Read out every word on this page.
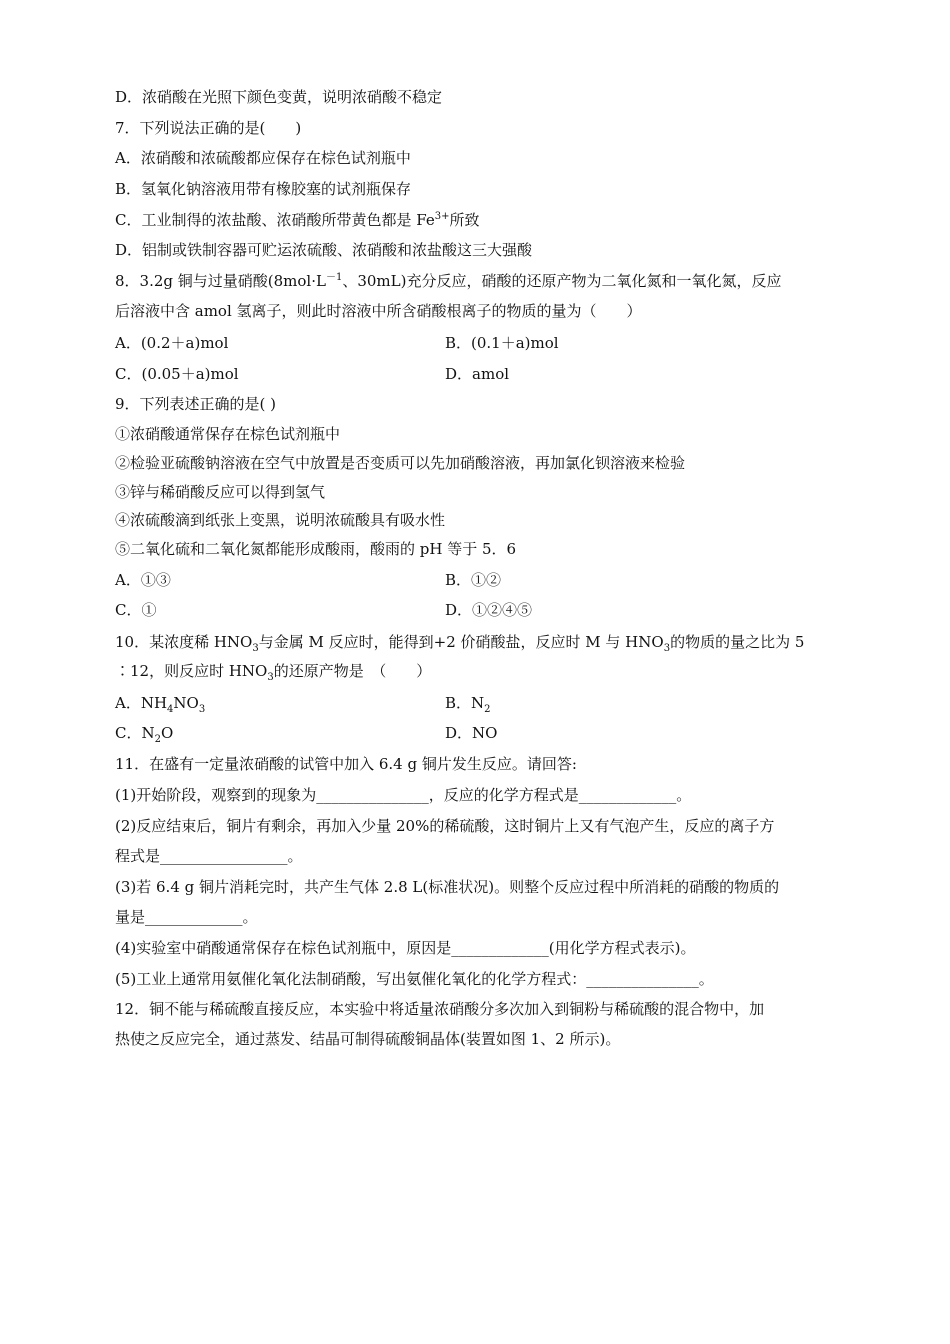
D．浓硝酸在光照下颜色变黄，说明浓硝酸不稳定
7．下列说法正确的是(　　)
A．浓硝酸和浓硫酸都应保存在棕色试剂瓶中
B．氢氧化钠溶液用带有橡胶塞的试剂瓶保存
C．工业制得的浓盐酸、浓硝酸所带黄色都是 $Fe^{3+}$所致
D．铝制或铁制容器可贮运浓硫酸、浓硝酸和浓盐酸这三大强酸
8．3.2g 铜与过量硝酸($8mol\cdot L^{-1}$、30mL)充分反应，硝酸的还原产物为二氧化氮和一氧化氮，反应
后溶液中含 amol 氢离子，则此时溶液中所含硝酸根离子的物质的量为（　　）
A．(0.2＋a)mol	B．(0.1＋a)mol
C．(0.05＋a)mol	D．amol
9．下列表述正确的是( )
①浓硝酸通常保存在棕色试剂瓶中
②检验亚硫酸钠溶液在空气中放置是否变质可以先加硝酸溶液，再加氯化钡溶液来检验
③锌与稀硝酸反应可以得到氢气
④浓硫酸滴到纸张上变黑，说明浓硫酸具有吸水性
⑤二氧化硫和二氧化氮都能形成酸雨，酸雨的 pH 等于 5．6
A．①③	B．①②
C．①	D．①②④⑤
10．某浓度稀 $HNO_3$与金属 M 反应时，能得到+2 价硝酸盐，反应时 M 与 $HNO_3$的物质的量之比为 5
∶12，则反应时 $HNO_3$的还原产物是　（　　）
A．$NH_4NO_3$	B．$N_2$
C．$N_2O$	D．NO
11．在盛有一定量浓硝酸的试管中加入 6.4 g 铜片发生反应。请回答:
(1)开始阶段，观察到的现象为_______________，反应的化学方程式是_____________。
(2)反应结束后，铜片有剩余，再加入少量 20%的稀硫酸，这时铜片上又有气泡产生，反应的离子方
程式是_________________。
(3)若 6.4 g 铜片消耗完时，共产生气体 2.8 L(标准状况)。则整个反应过程中所消耗的硝酸的物质的
量是_____________。
(4)实验室中硝酸通常保存在棕色试剂瓶中，原因是_____________(用化学方程式表示)。
(5)工业上通常用氨催化氧化法制硝酸，写出氨催化氧化的化学方程式：_______________。
12．铜不能与稀硫酸直接反应，本实验中将适量浓硝酸分多次加入到铜粉与稀硫酸的混合物中，加
热使之反应完全，通过蒸发、结晶可制得硫酸铜晶体(装置如图 1、2 所示)。
